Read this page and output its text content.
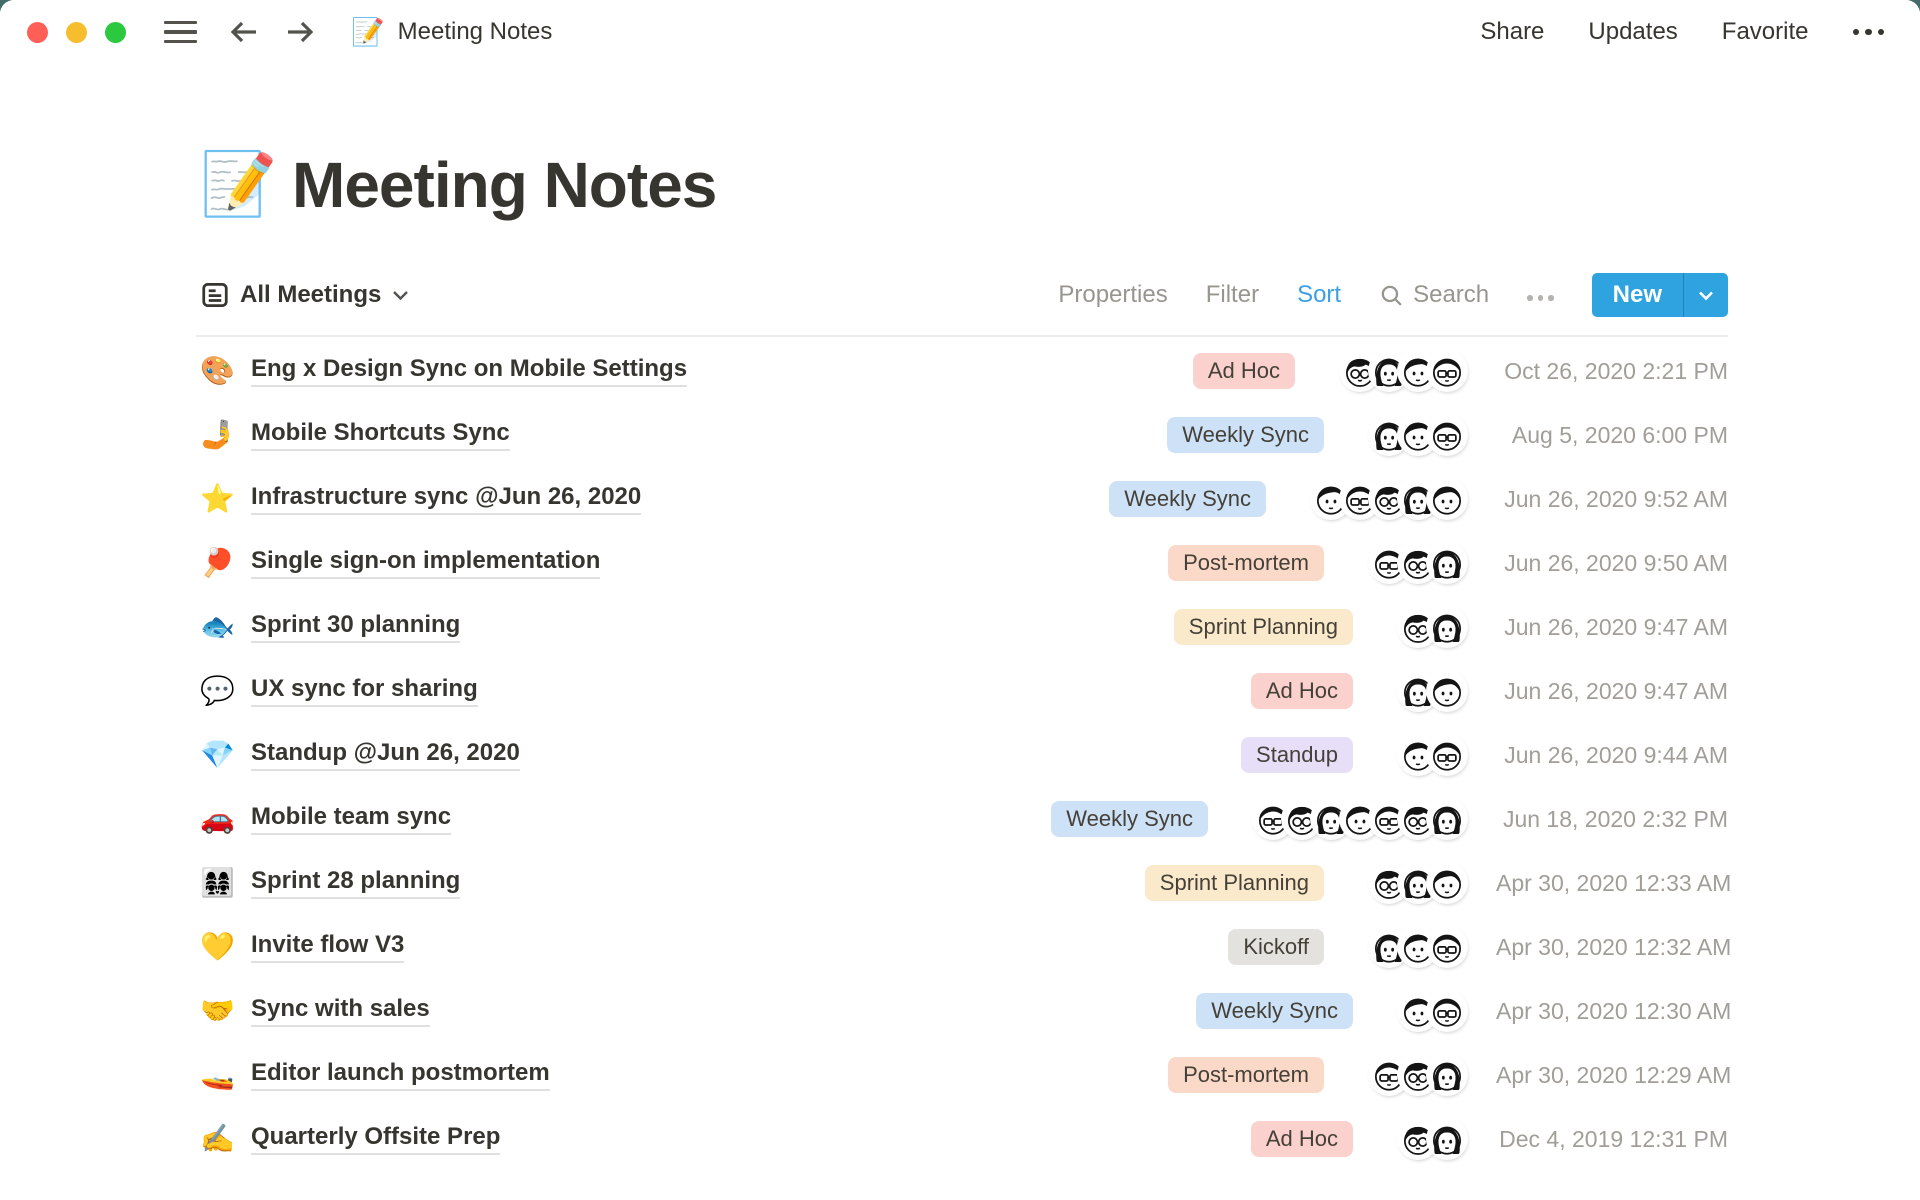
📝 Meeting Notes	Share Updates Favorite
📝 Meeting Notes
All Meetings	Properties Filter Sort	Search	New
🎨 Eng x Design Sync on Mobile Settings	Ad Hoc	Oct 26, 2020 2:21 PM
🤳 Mobile Shortcuts Sync	Weekly Sync	Aug 5, 2020 6:00 PM
⭐ Infrastructure sync @Jun 26, 2020	Weekly Sync	Jun 26, 2020 9:52 AM
🏓 Single sign-on implementation	Post-mortem	Jun 26, 2020 9:50 AM
🐟 Sprint 30 planning	Sprint Planning	Jun 26, 2020 9:47 AM
💬 UX sync for sharing	Ad Hoc	Jun 26, 2020 9:47 AM
💎 Standup @Jun 26, 2020	Standup	Jun 26, 2020 9:44 AM
🚗 Mobile team sync	Weekly Sync	Jun 18, 2020 2:32 PM
👩‍👩‍👧‍👧 Sprint 28 planning	Sprint Planning	Apr 30, 2020 12:33 AM
💛 Invite flow V3	Kickoff	Apr 30, 2020 12:32 AM
🤝 Sync with sales	Weekly Sync	Apr 30, 2020 12:30 AM
🚤 Editor launch postmortem	Post-mortem	Apr 30, 2020 12:29 AM
✍️ Quarterly Offsite Prep	Ad Hoc	Dec 4, 2019 12:31 PM
